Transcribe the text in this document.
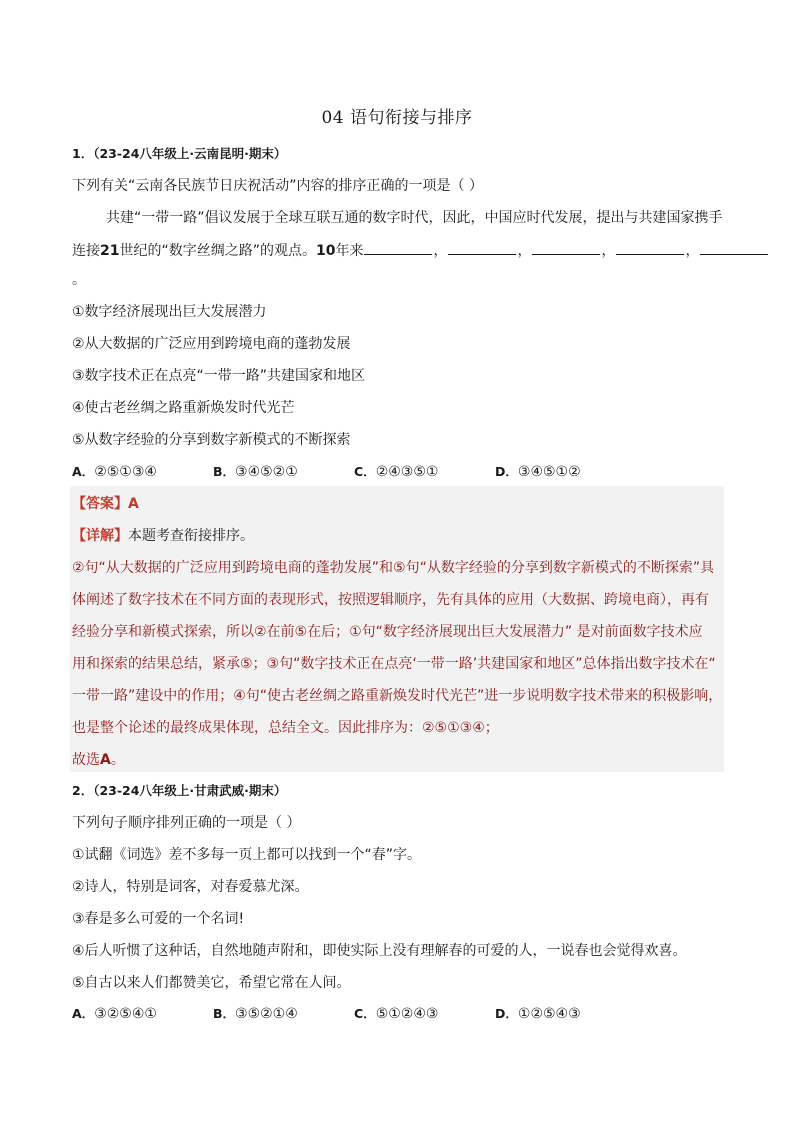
04 语句衔接与排序
1．（23-24八年级上·云南昆明·期末）
下列有关“云南各民族节日庆祝活动”内容的排序正确的一项是（ ）
共建“一带一路”倡议发展于全球互联互通的数字时代，因此，中国应时代发展，提出与共建国家携手
连接21世纪的“数字丝绸之路”的观点。10年来	，	，	，	，
。
①数字经济展现出巨大发展潜力
②从大数据的广泛应用到跨境电商的蓬勃发展
③数字技术正在点亮“一带一路”共建国家和地区
④使古老丝绸之路重新焕发时代光芒
⑤从数字经验的分享到数字新模式的不断探索
A．②⑤①③④	B．③④⑤②①	C．②④③⑤①	D．③④⑤①②
【答案】A
【详解】本题考查衔接排序。
②句“从大数据的广泛应用到跨境电商的蓬勃发展”和⑤句“从数字经验的分享到数字新模式的不断探索”具
体阐述了数字技术在不同方面的表现形式，按照逻辑顺序，先有具体的应用（大数据、跨境电商），再有
经验分享和新模式探索，所以②在前⑤在后；①句“数字经济展现出巨大发展潜力” 是对前面数字技术应
用和探索的结果总结，紧承⑤；③句“数字技术正在点亮‘一带一路’共建国家和地区”总体指出数字技术在“
一带一路”建设中的作用；④句“使古老丝绸之路重新焕发时代光芒”进一步说明数字技术带来的积极影响，
也是整个论述的最终成果体现，总结全文。因此排序为：②⑤①③④；
故选A。
2．（23-24八年级上·甘肃武威·期末）
下列句子顺序排列正确的一项是（ ）
①试翻《词选》差不多每一页上都可以找到一个“春”字。
②诗人，特别是词客，对春爱慕尤深。
③春是多么可爱的一个名词!
④后人听惯了这种话，自然地随声附和，即使实际上没有理解春的可爱的人，一说春也会觉得欢喜。
⑤自古以来人们都赞美它，希望它常在人间。
A．③②⑤④①	B．③⑤②①④	C．⑤①②④③	D．①②⑤④③
